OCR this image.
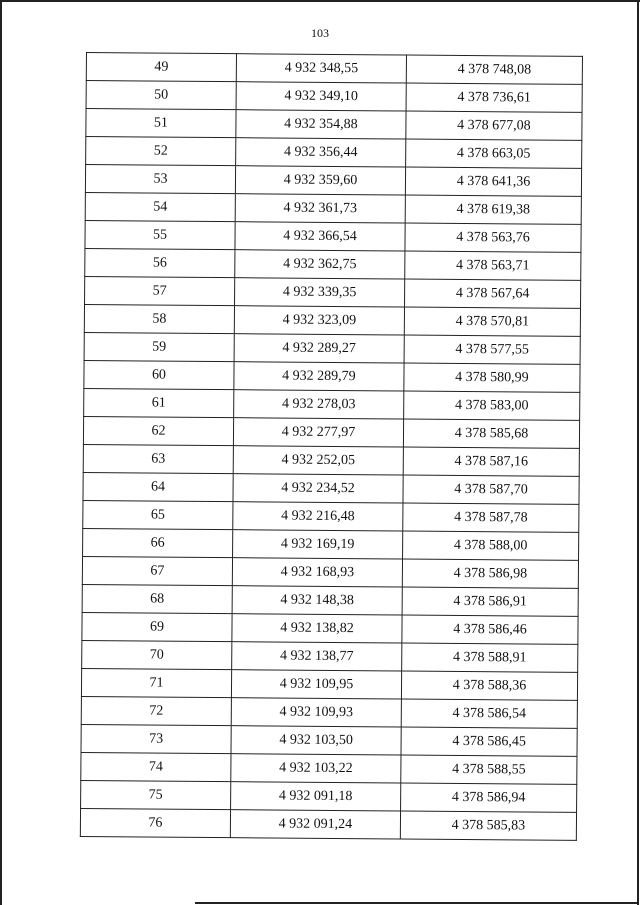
103
49	4 932 348,55	4 378 748,08
50	4 932 349,10	4 378 736,61
51	4 932 354,88	4 378 677,08
52	4 932 356,44	4 378 663,05
53	4 932 359,60	4 378 641,36
54	4 932 361,73	4 378 619,38
55	4 932 366,54	4 378 563,76
56	4 932 362,75	4 378 563,71
57	4 932 339,35	4 378 567,64
58	4 932 323,09	4 378 570,81
59	4 932 289,27	4 378 577,55
60	4 932 289,79	4 378 580,99
61	4 932 278,03	4 378 583,00
62	4 932 277,97	4 378 585,68
63	4 932 252,05	4 378 587,16
64	4 932 234,52	4 378 587,70
65	4 932 216,48	4 378 587,78
66	4 932 169,19	4 378 588,00
67	4 932 168,93	4 378 586,98
68	4 932 148,38	4 378 586,91
69	4 932 138,82	4 378 586,46
70	4 932 138,77	4 378 588,91
71	4 932 109,95	4 378 588,36
72	4 932 109,93	4 378 586,54
73	4 932 103,50	4 378 586,45
74	4 932 103,22	4 378 588,55
75	4 932 091,18	4 378 586,94
76	4 932 091,24	4 378 585,83
